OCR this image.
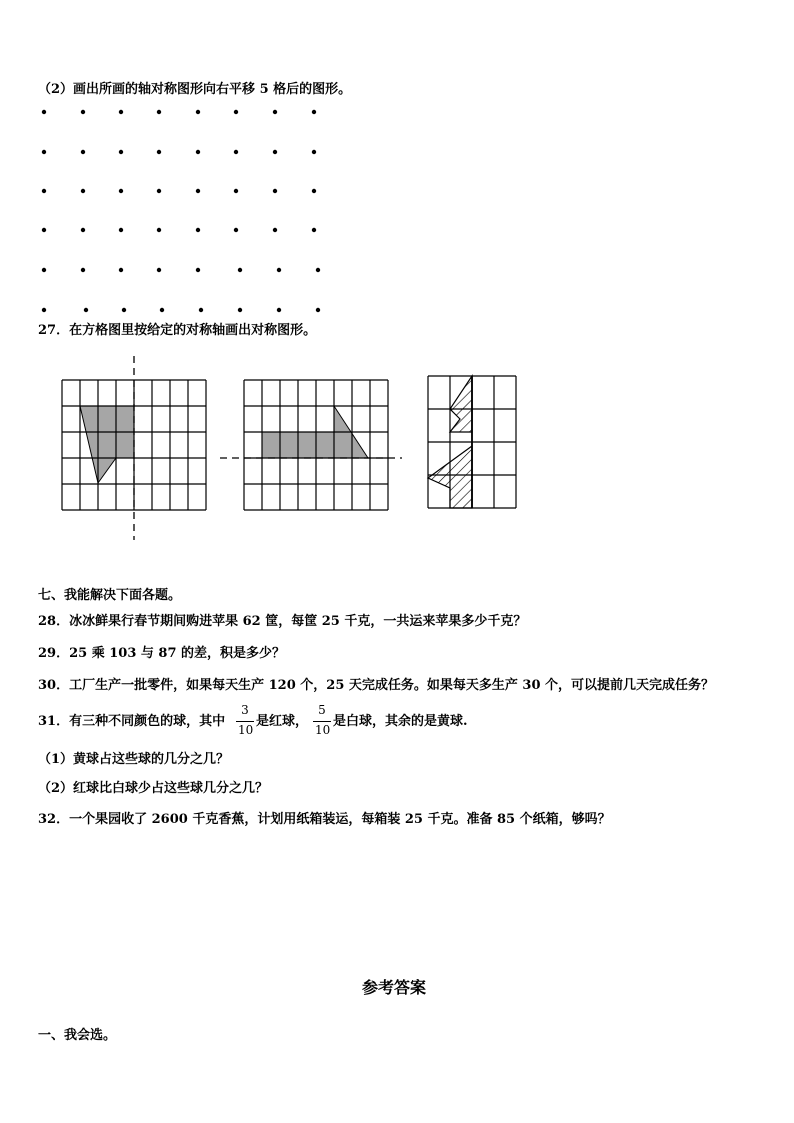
（2）画出所画的轴对称图形向右平移 5 格后的图形。
27．在方格图里按给定的对称轴画出对称图形。
七、我能解决下面各题。
28．冰冰鲜果行春节期间购进苹果 62 筐，每筐 25 千克，一共运来苹果多少千克？
29．25 乘 103 与 87 的差，积是多少？
30．工厂生产一批零件，如果每天生产 120 个，25 天完成任务。如果每天多生产 30 个，可以提前几天完成任务？
31．有三种不同颜色的球，其中
3
10
是红球，
5
10
是白球，其余的是黄球.
（1）黄球占这些球的几分之几？
（2）红球比白球少占这些球几分之几？
32．一个果园收了 2600 千克香蕉，计划用纸箱装运，每箱装 25 千克。准备 85 个纸箱，够吗？
参考答案
一、我会选。
